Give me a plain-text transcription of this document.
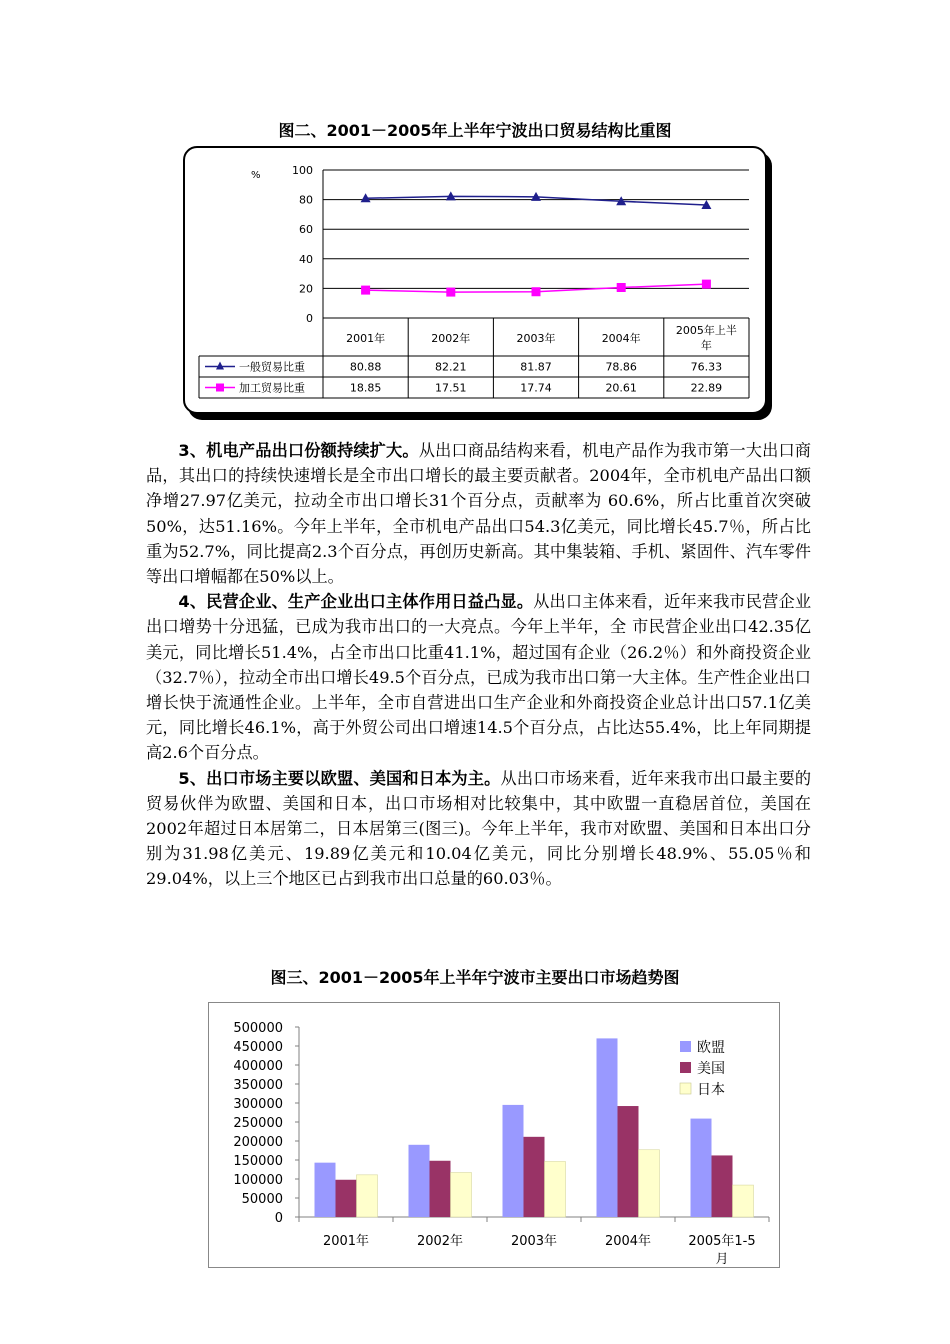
图二、2001－2005年上半年宁波出口贸易结构比重图
%	100
80
60
40
20
0
2001年	2002年	2003年	2004年
2005年上半
年
一般贸易比重	80.88	82.21	81.87	78.86	76.33
加工贸易比重	18.85	17.51	17.74	20.61	22.89

3、机电产品出口份额持续扩大。从出口商品结构来看，机电产品作为我市第一大出口商品，其出口的持续快速增长是全市出口增长的最主要贡献者。2004年，全市机电产品出口额净增27.97亿美元，拉动全市出口增长31个百分点，贡献率为 60.6%，所占比重首次突破50%，达51.16%。今年上半年，全市机电产品出口54.3亿美元，同比增长45.7％，所占比重为52.7%，同比提高2.3个百分点，再创历史新高。其中集装箱、手机、紧固件、汽车零件等出口增幅都在50%以上。

4、民营企业、生产企业出口主体作用日益凸显。从出口主体来看，近年来我市民营企业出口增势十分迅猛，已成为我市出口的一大亮点。今年上半年，全 市民营企业出口42.35亿美元，同比增长51.4%，占全市出口比重41.1%，超过国有企业（26.2％）和外商投资企业（32.7％），拉动全市出口增长49.5个百分点，已成为我市出口第一大主体。生产性企业出口增长快于流通性企业。上半年，全市自营进出口生产企业和外商投资企业总计出口57.1亿美元，同比增长46.1%，高于外贸公司出口增速14.5个百分点，占比达55.4%，比上年同期提高2.6个百分点。

5、出口市场主要以欧盟、美国和日本为主。从出口市场来看，近年来我市出口最主要的贸易伙伴为欧盟、美国和日本，出口市场相对比较集中，其中欧盟一直稳居首位，美国在2002年超过日本居第二，日本居第三(图三)。今年上半年，我市对欧盟、美国和日本出口分别为31.98亿美元、19.89亿美元和10.04亿美元，同比分别增长48.9%、55.05％和29.04%，以上三个地区已占到我市出口总量的60.03％。

图三、2001－2005年上半年宁波市主要出口市场趋势图
500000
450000
400000
350000
300000
250000
200000
150000
100000
50000
0
2001年	2002年	2003年	2004年	2005年1-5
月
欧盟
美国
日本
